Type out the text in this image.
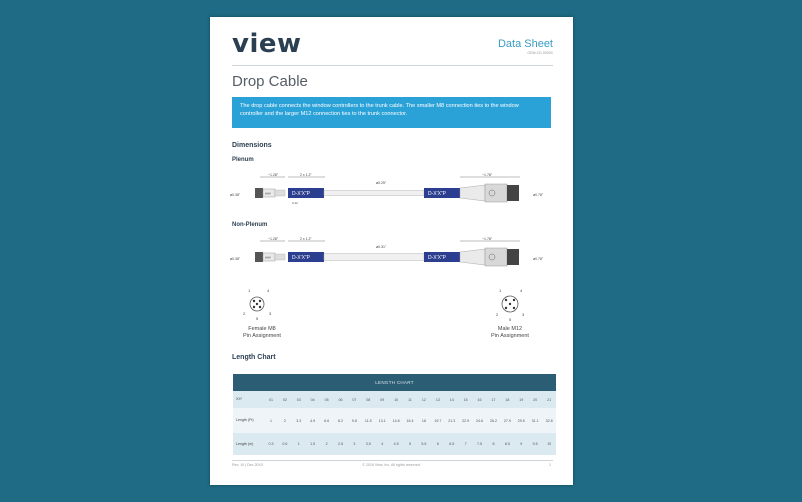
view	Data Sheet
GDM-CD-0000X
Drop Cable
The drop cable connects the window controllers to the trunk cable. The smaller M8 connection ties to the window controller and the larger M12 connection ties to the trunk connector.
Dimensions
Plenum
~1.28"	2 x 1.2"	~1.78"
ø0.25"
ø0.38"	ø0.78"
AAV	D-X'X"P
0.12
D-X'X"P
Non-Plenum
~1.28"	2 x 1.2"	~1.78"
ø0.31"
ø0.38"	ø0.78"
AAV	D-X'X"P	D-X'X"P
1	4
2	3
5
Female M8
Pin Assignment
1	4
2	3
5
Male M12
Pin Assignment
Length Chart
LENGTH CHART
XX*	01	02	03	04	05	06	07	08	09	10	11	12	13	14	15	16	17	18	19	20	21
Length (Ft)	1	2	3.3	4.9	6.6	8.2	9.8	11.5	13.1	14.8	16.4	18	19.7	21.3	22.9	24.6	26.2	27.9	29.5	31.1	32.8
Length (m)	0.3	0.6	1	1.5	2	2.5	3	3.5	4	4.5	5	5.5	6	6.5	7	7.5	8	8.5	9	9.5	10
Rev. 10 | Dec 20XX	© 2016 View, Inc. All rights reserved.	1
